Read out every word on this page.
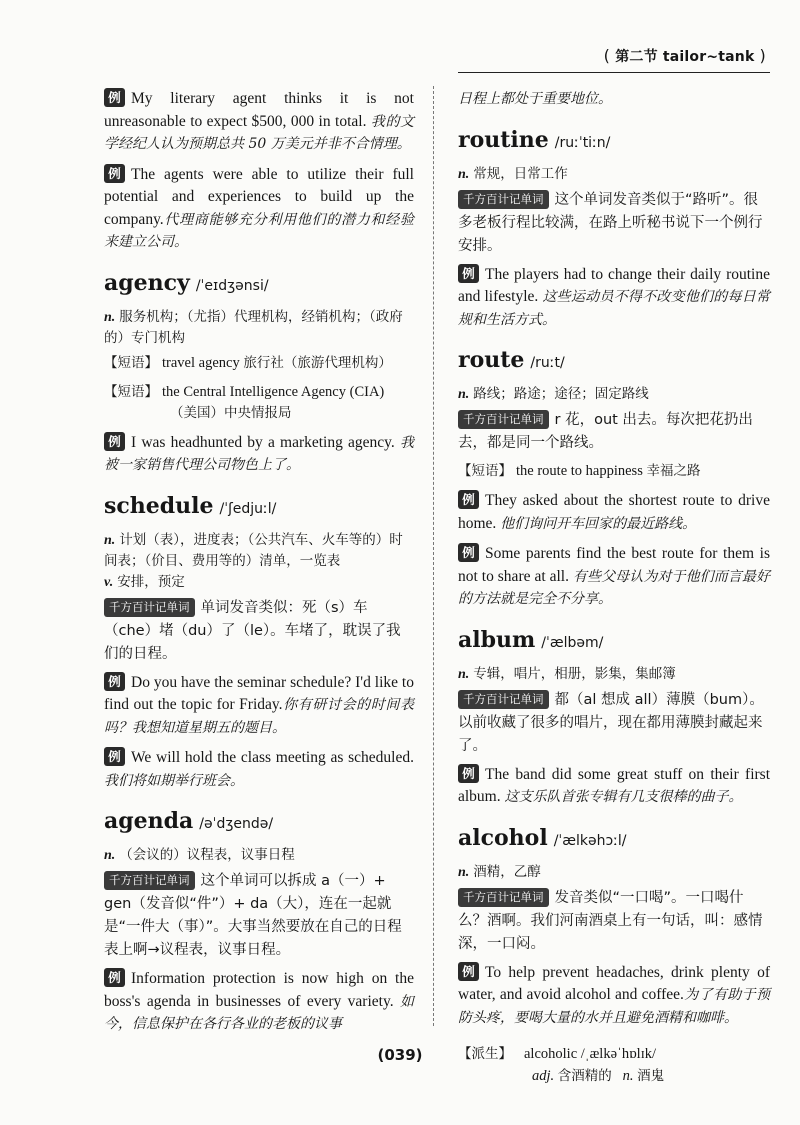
( 第二节 tailor~tank )

例 My literary agent thinks it is not unreasonable to expect $500, 000 in total. 我的文学经纪人认为预期总共 50 万美元并非不合情理。

例 The agents were able to utilize their full potential and experiences to build up the company.代理商能够充分利用他们的潜力和经验来建立公司。

agency /ˈeɪdʒənsi/

n. 服务机构；（尤指）代理机构，经销机构；（政府的）专门机构

【短语】 travel agency 旅行社（旅游代理机构）

【短语】 the Central Intelligence Agency (CIA) （美国）中央情报局

例 I was headhunted by a marketing agency. 我被一家销售代理公司物色上了。

schedule /ˈʃedjuːl/

n. 计划（表），进度表；（公共汽车、火车等的）时间表；（价目、费用等的）清单，一览表
v. 安排，预定

千方百计记单词 单词发音类似：死（s）车（che）堵（du）了（le）。车堵了，耽误了我们的日程。

例 Do you have the seminar schedule? I'd like to find out the topic for Friday.你有研讨会的时间表吗？我想知道星期五的题目。

例 We will hold the class meeting as scheduled. 我们将如期举行班会。

agenda /əˈdʒendə/

n. （会议的）议程表，议事日程

千方百计记单词 这个单词可以拆成 a（一）+ gen（发音似“件”）+ da（大），连在一起就是“一件大（事）”。大事当然要放在自己的日程表上啊→议程表，议事日程。

例 Information protection is now high on the boss's agenda in businesses of every variety. 如今，信息保护在各行各业的老板的议事

日程上都处于重要地位。

routine /ruːˈtiːn/

n. 常规，日常工作

千方百计记单词 这个单词发音类似于“路听”。很多老板行程比较满，在路上听秘书说下一个例行安排。

例 The players had to change their daily routine and lifestyle. 这些运动员不得不改变他们的每日常规和生活方式。

route /ruːt/

n. 路线；路途；途径；固定路线

千方百计记单词 r 花，out 出去。每次把花扔出去，都是同一个路线。

【短语】 the route to happiness 幸福之路

例 They asked about the shortest route to drive home. 他们询问开车回家的最近路线。

例 Some parents find the best route for them is not to share at all. 有些父母认为对于他们而言最好的方法就是完全不分享。

album /ˈælbəm/

n. 专辑，唱片，相册，影集，集邮簿

千方百计记单词 都（al 想成 all）薄膜（bum）。以前收藏了很多的唱片，现在都用薄膜封藏起来了。

例 The band did some great stuff on their first album. 这支乐队首张专辑有几支很棒的曲子。

alcohol /ˈælkəhɔːl/

n. 酒精，乙醇

千方百计记单词 发音类似“一口喝”。一口喝什么？酒啊。我们河南酒桌上有一句话，叫：感情深，一口闷。

例 To help prevent headaches, drink plenty of water, and avoid alcohol and coffee.为了有助于预防头疼，要喝大量的水并且避免酒精和咖啡。

【派生】 alcoholic /ˌælkəˈhɒlɪk/
adj. 含酒精的 n. 酒鬼
(039)
